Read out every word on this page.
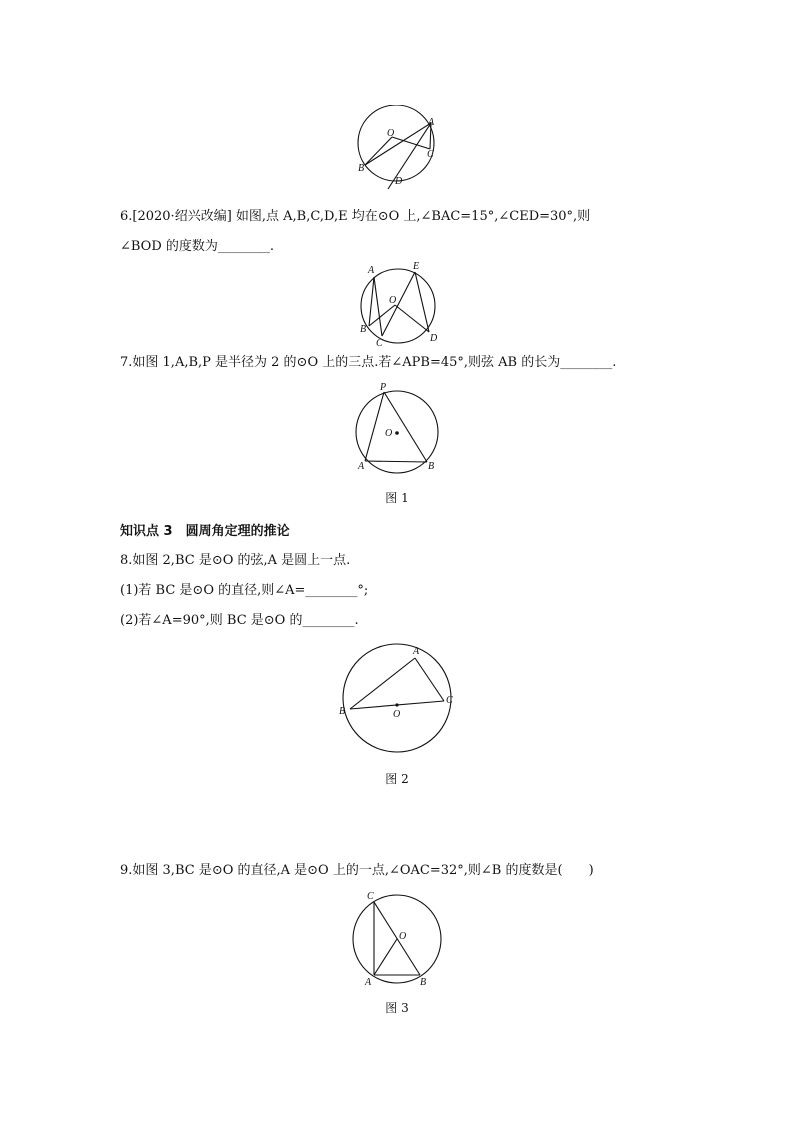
O
A
B
C
D
6.[2020·绍兴改编] 如图,点 A,B,C,D,E 均在⊙O 上,∠BAC=15°,∠CED=30°,则
∠BOD 的度数为________.
A	E
O
B
C	D
7.如图 1,A,B,P 是半径为 2 的⊙O 上的三点.若∠APB=45°,则弦 AB 的长为________.
P
O
A	B
图 1
知识点 3　圆周角定理的推论
8.如图 2,BC 是⊙O 的弦,A 是圆上一点.
(1)若 BC 是⊙O 的直径,则∠A=________°;
(2)若∠A=90°,则 BC 是⊙O 的________.
A
B
C
O
图 2
9.如图 3,BC 是⊙O 的直径,A 是⊙O 上的一点,∠OAC=32°,则∠B 的度数是(　　)
C
O
A	B
图 3
